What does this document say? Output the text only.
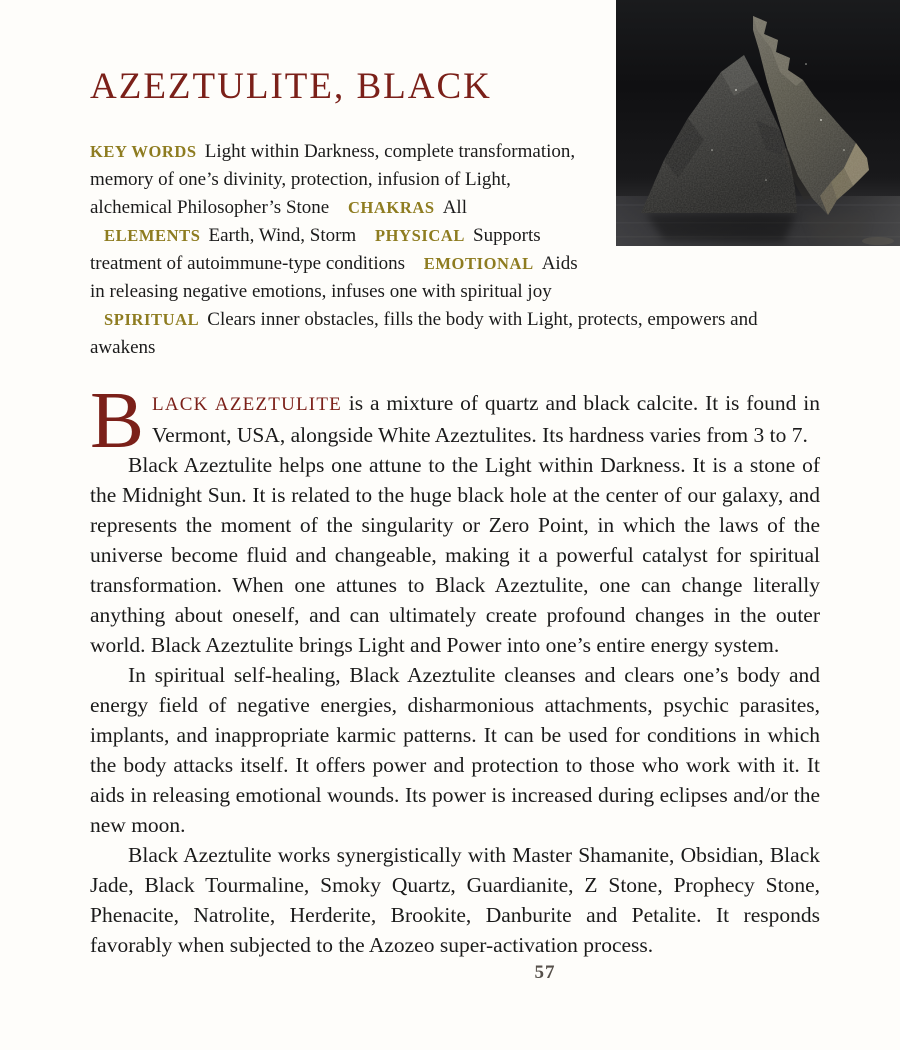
AZEZTULITE, BLACK
KEY WORDS Light within Darkness, complete transformation, memory of one’s divinity, protection, infusion of Light, alchemical Philosopher’s Stone CHAKRAS All ELEMENTS Earth, Wind, Storm PHYSICAL Supports treatment of autoimmune-type conditions EMOTIONAL Aids in releasing negative emotions, infuses one with spiritual joy SPIRITUAL Clears inner obstacles, fills the body with Light, protects, empowers and awakens

BLACK AZEZTULITE is a mixture of quartz and black calcite. It is found in Vermont, USA, alongside White Azeztulites. Its hardness varies from 3 to 7.

Black Azeztulite helps one attune to the Light within Darkness. It is a stone of the Midnight Sun. It is related to the huge black hole at the center of our galaxy, and represents the moment of the singularity or Zero Point, in which the laws of the universe become fluid and changeable, making it a powerful catalyst for spiritual transformation. When one attunes to Black Azeztulite, one can change literally anything about oneself, and can ultimately create profound changes in the outer world. Black Azeztulite brings Light and Power into one’s entire energy system.

In spiritual self-healing, Black Azeztulite cleanses and clears one’s body and energy field of negative energies, disharmonious attachments, psychic parasites, implants, and inappropriate karmic patterns. It can be used for conditions in which the body attacks itself. It offers power and protection to those who work with it. It aids in releasing emotional wounds. Its power is increased during eclipses and/or the new moon.

Black Azeztulite works synergistically with Master Shamanite, Obsidian, Black Jade, Black Tourmaline, Smoky Quartz, Guardianite, Z Stone, Prophecy Stone, Phenacite, Natrolite, Herderite, Brookite, Danburite and Petalite. It responds favorably when subjected to the Azozeo super-activation process.

57
